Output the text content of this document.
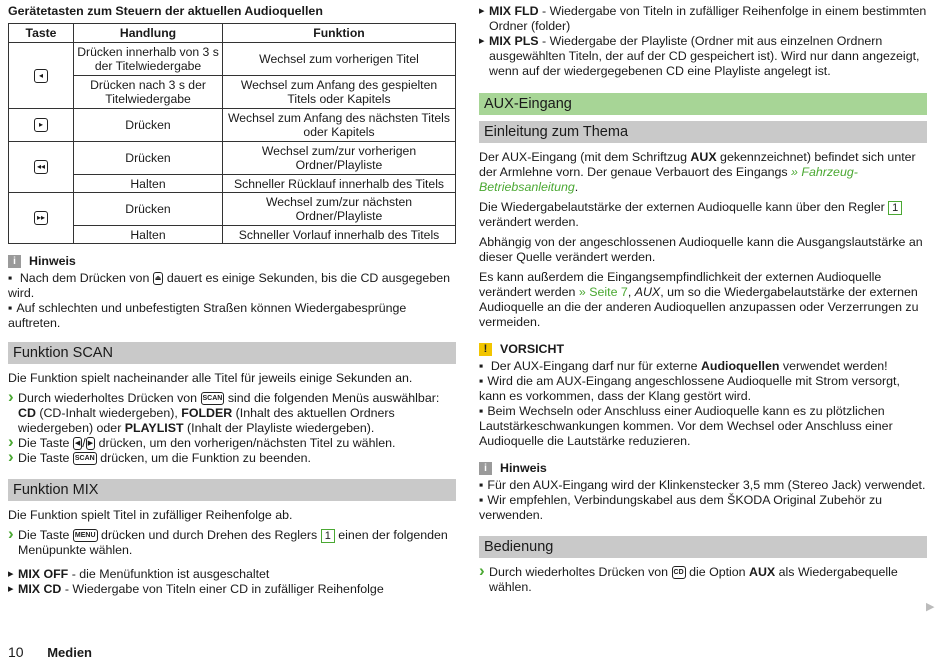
Gerätetasten zum Steuern der aktuellen Audioquellen
Taste	Handlung	Funktion
◂	Drücken innerhalb von 3 s der Titelwiedergabe	Wechsel zum vorherigen Titel
	Drücken nach 3 s der Titelwiedergabe	Wechsel zum Anfang des gespielten Titels oder Kapitels
▸	Drücken	Wechsel zum Anfang des nächsten Titels oder Kapitels
◂◂	Drücken	Wechsel zum/zur vorherigen Ordner/Playliste
	Halten	Schneller Rücklauf innerhalb des Titels
▸▸	Drücken	Wechsel zum/zur nächsten Ordner/Playliste
	Halten	Schneller Vorlauf innerhalb des Titels
i	Hinweis
▪ Nach dem Drücken von ⏏ dauert es einige Sekunden, bis die CD ausgegeben wird.
▪ Auf schlechten und unbefestigten Straßen können Wiedergabesprünge auftreten.
Funktion SCAN
Die Funktion spielt nacheinander alle Titel für jeweils einige Sekunden an.
› Durch wiederholtes Drücken von SCAN sind die folgenden Menüs auswählbar: CD (CD-Inhalt wiedergeben), FOLDER (Inhalt des aktuellen Ordners wiedergeben) oder PLAYLIST (Inhalt der Playliste wiedergeben).
› Die Taste ◀ / ▶ drücken, um den vorherigen/nächsten Titel zu wählen.
› Die Taste SCAN drücken, um die Funktion zu beenden.
Funktion MIX
Die Funktion spielt Titel in zufälliger Reihenfolge ab.
› Die Taste MENU drücken und durch Drehen des Reglers 1 einen der folgenden Menüpunkte wählen.
▸ MIX OFF - die Menüfunktion ist ausgeschaltet
▸ MIX CD - Wiedergabe von Titeln einer CD in zufälliger Reihenfolge
▸ MIX FLD - Wiedergabe von Titeln in zufälliger Reihenfolge in einem bestimmten Ordner (folder)
▸ MIX PLS - Wiedergabe der Playliste (Ordner mit aus einzelnen Ordnern ausgewählten Titeln, der auf der CD gespeichert ist). Wird nur dann angezeigt, wenn auf der wiedergegebenen CD eine Playliste angelegt ist.
AUX-Eingang
Einleitung zum Thema
Der AUX-Eingang (mit dem Schriftzug AUX gekennzeichnet) befindet sich unter der Armlehne vorn. Der genaue Verbauort des Eingangs » Fahrzeug-Betriebsanleitung.
Die Wiedergabelautstärke der externen Audioquelle kann über den Regler 1 verändert werden.
Abhängig von der angeschlossenen Audioquelle kann die Ausgangslautstärke an dieser Quelle verändert werden.
Es kann außerdem die Eingangsempfindlichkeit der externen Audioquelle verändert werden » Seite 7, AUX, um so die Wiedergabelautstärke der externen Audioquelle an die der anderen Audioquellen anzupassen oder Verzerrungen zu vermeiden.
!	VORSICHT
▪ Der AUX-Eingang darf nur für externe Audioquellen verwendet werden!
▪ Wird die am AUX-Eingang angeschlossene Audioquelle mit Strom versorgt, kann es vorkommen, dass der Klang gestört wird.
▪ Beim Wechseln oder Anschluss einer Audioquelle kann es zu plötzlichen Lautstärkeschwankungen kommen. Vor dem Wechsel oder Anschluss einer Audioquelle die Lautstärke reduzieren.
i	Hinweis
▪ Für den AUX-Eingang wird der Klinkenstecker 3,5 mm (Stereo Jack) verwendet.
▪ Wir empfehlen, Verbindungskabel aus dem ŠKODA Original Zubehör zu verwenden.
Bedienung
› Durch wiederholtes Drücken von CD die Option AUX als Wiedergabequelle wählen.
▶
10 Medien
